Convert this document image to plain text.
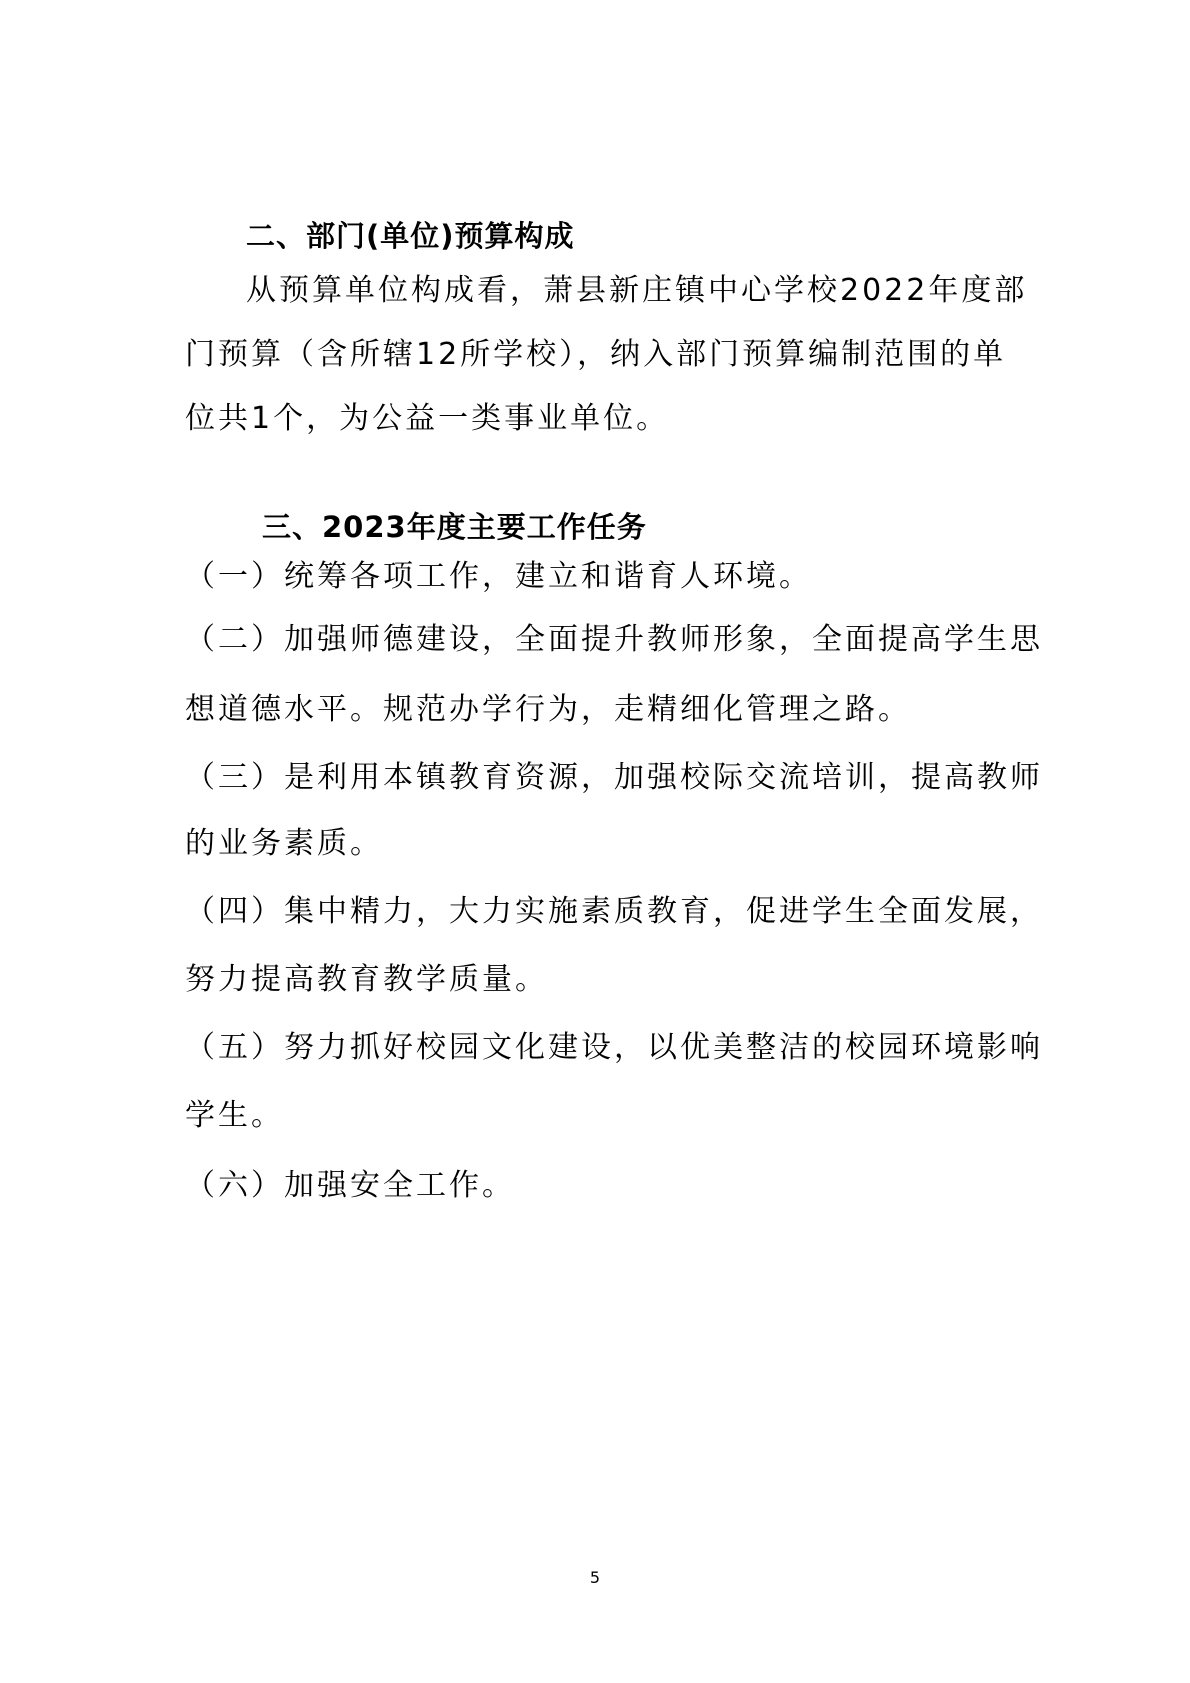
二、部门(单位)预算构成
从预算单位构成看，萧县新庄镇中心学校2022年度部
门预算（含所辖12所学校），纳入部门预算编制范围的单
位共1个，为公益一类事业单位。
三、2023年度主要工作任务
（一）统筹各项工作，建立和谐育人环境。
（二）加强师德建设，全面提升教师形象，全面提高学生思
想道德水平。规范办学行为，走精细化管理之路。
（三）是利用本镇教育资源，加强校际交流培训，提高教师
的业务素质。
（四）集中精力，大力实施素质教育，促进学生全面发展，
努力提高教育教学质量。
（五）努力抓好校园文化建设，以优美整洁的校园环境影响
学生。
（六）加强安全工作。
5
